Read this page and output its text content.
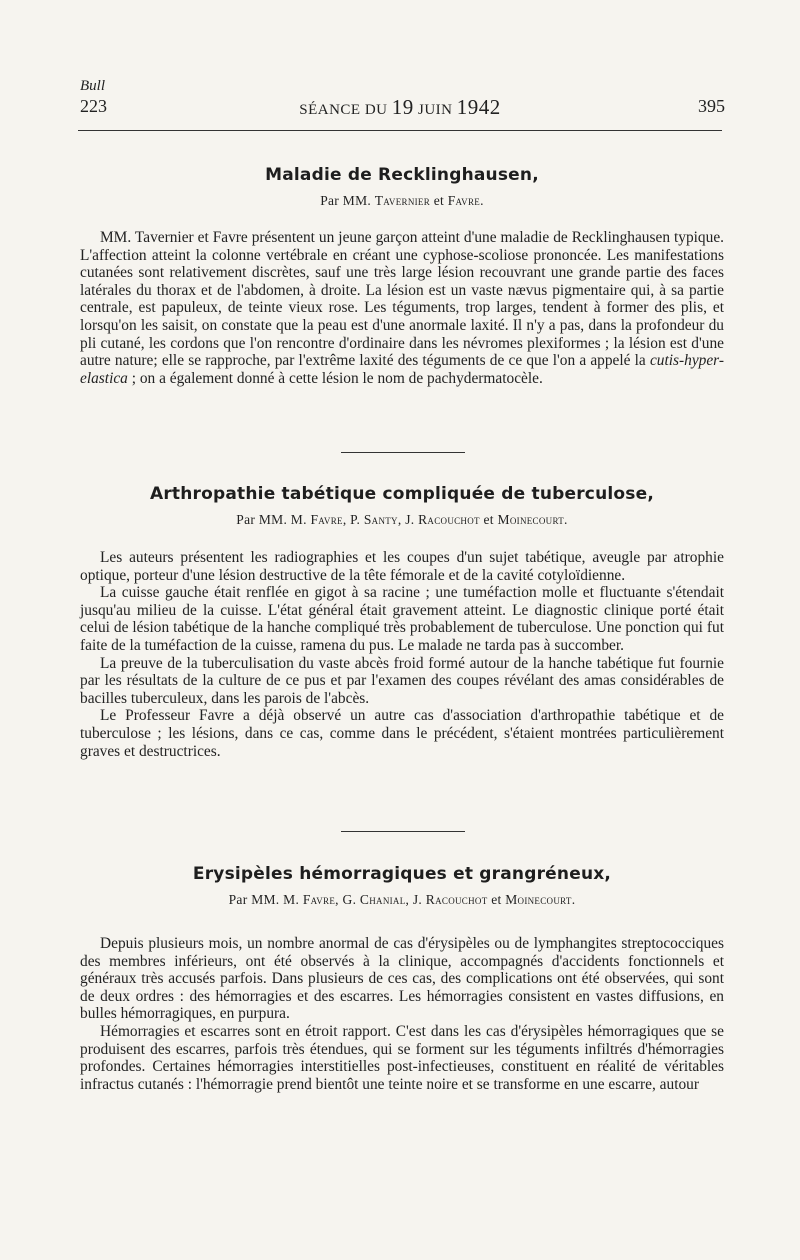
Bull
223	SÉANCE DU 19 JUIN 1942	395
Maladie de Recklinghausen,
Par MM. Tavernier et Favre.

MM. Tavernier et Favre présentent un jeune garçon atteint d'une maladie de Recklinghausen typique. L'affection atteint la colonne vertébrale en créant une cyphose-scoliose prononcée. Les manifestations cutanées sont relativement discrètes, sauf une très large lésion recouvrant une grande partie des faces latérales du thorax et de l'abdomen, à droite. La lésion est un vaste nævus pigmentaire qui, à sa partie centrale, est papuleux, de teinte vieux rose. Les téguments, trop larges, tendent à former des plis, et lorsqu'on les saisit, on constate que la peau est d'une anormale laxité. Il n'y a pas, dans la profondeur du pli cutané, les cordons que l'on rencontre d'ordinaire dans les névromes plexiformes ; la lésion est d'une autre nature; elle se rapproche, par l'extrême laxité des téguments de ce que l'on a appelé la cutis-hyper-elastica ; on a également donné à cette lésion le nom de pachydermatocèle.

Arthropathie tabétique compliquée de tuberculose,
Par MM. M. Favre, P. Santy, J. Racouchot et Moinecourt.

Les auteurs présentent les radiographies et les coupes d'un sujet tabétique, aveugle par atrophie optique, porteur d'une lésion destructive de la tête fémorale et de la cavité cotyloïdienne.

La cuisse gauche était renflée en gigot à sa racine ; une tuméfaction molle et fluctuante s'étendait jusqu'au milieu de la cuisse. L'état général était gravement atteint. Le diagnostic clinique porté était celui de lésion tabétique de la hanche compliqué très probablement de tuberculose. Une ponction qui fut faite de la tuméfaction de la cuisse, ramena du pus. Le malade ne tarda pas à succomber.

La preuve de la tuberculisation du vaste abcès froid formé autour de la hanche tabétique fut fournie par les résultats de la culture de ce pus et par l'examen des coupes révélant des amas considérables de bacilles tuberculeux, dans les parois de l'abcès.

Le Professeur Favre a déjà observé un autre cas d'association d'arthropathie tabétique et de tuberculose ; les lésions, dans ce cas, comme dans le précédent, s'étaient montrées particulièrement graves et destructrices.

Erysipèles hémorragiques et grangréneux,
Par MM. M. Favre, G. Chanial, J. Racouchot et Moinecourt.

Depuis plusieurs mois, un nombre anormal de cas d'érysipèles ou de lymphangites streptococciques des membres inférieurs, ont été observés à la clinique, accompagnés d'accidents fonctionnels et généraux très accusés parfois. Dans plusieurs de ces cas, des complications ont été observées, qui sont de deux ordres : des hémorragies et des escarres. Les hémorragies consistent en vastes diffusions, en bulles hémorragiques, en purpura.

Hémorragies et escarres sont en étroit rapport. C'est dans les cas d'érysipèles hémorragiques que se produisent des escarres, parfois très étendues, qui se forment sur les téguments infiltrés d'hémorragies profondes. Certaines hémorragies interstitielles post-infectieuses, constituent en réalité de véritables infractus cutanés : l'hémorragie prend bientôt une teinte noire et se transforme en une escarre, autour
